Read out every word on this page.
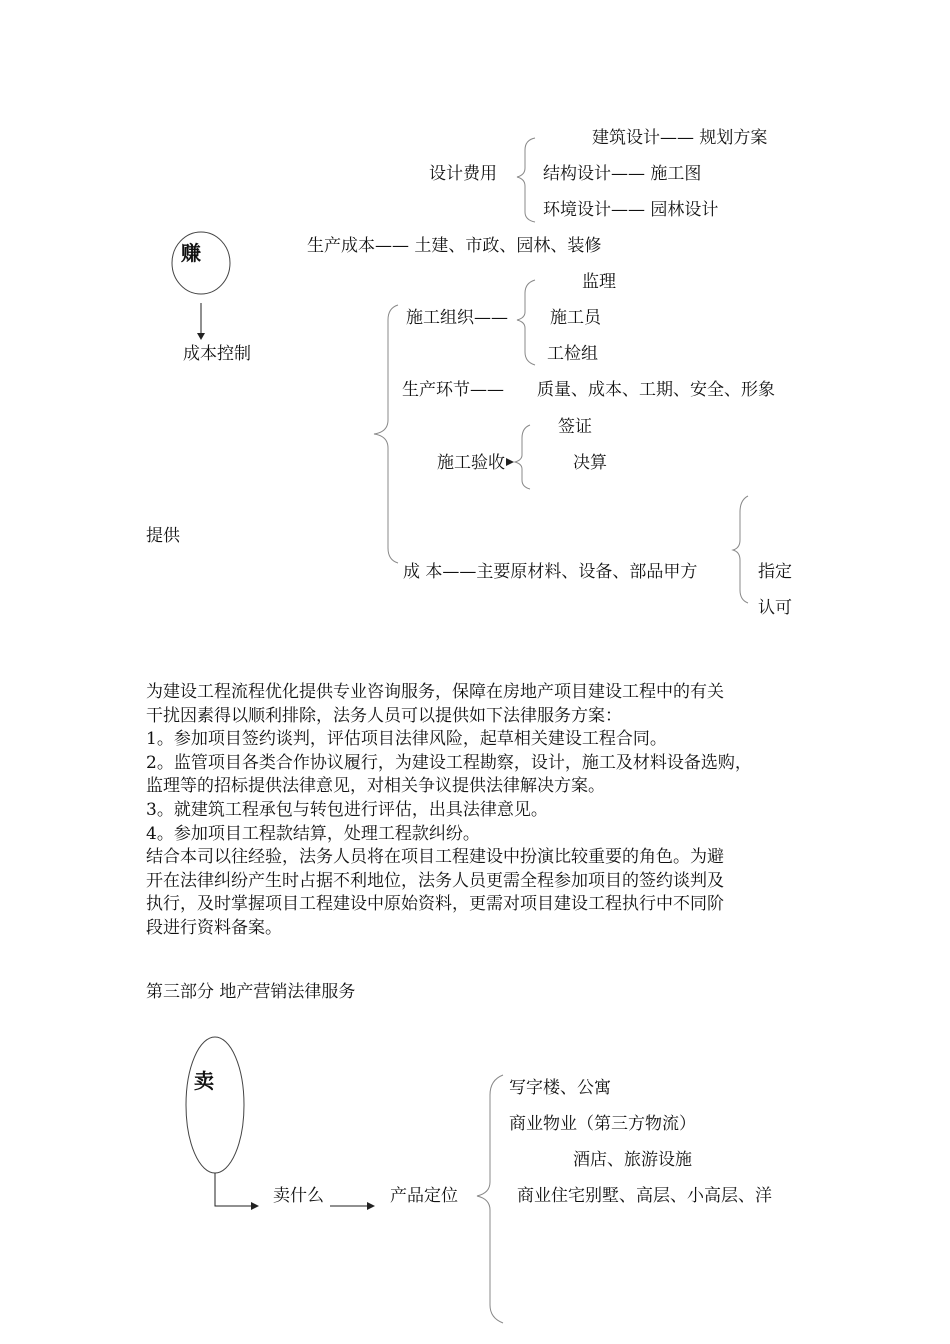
赚
成本控制
提供
设计费用
建筑设计—— 规划方案
结构设计—— 施工图
环境设计—— 园林设计
生产成本—— 土建、市政、园林、装修
施工组织——
监理
施工员
工检组
生产环节—— 质量、成本、工期、安全、形象
签证
施工验收	决算
成 本——主要原材料、设备、部品甲方	指定
认可
为建设工程流程优化提供专业咨询服务，保障在房地产项目建设工程中的有关
干扰因素得以顺利排除，法务人员可以提供如下法律服务方案：
1。参加项目签约谈判，评估项目法律风险，起草相关建设工程合同。
2。监管项目各类合作协议履行，为建设工程勘察，设计，施工及材料设备选购，
监理等的招标提供法律意见，对相关争议提供法律解决方案。
3。就建筑工程承包与转包进行评估，出具法律意见。
4。参加项目工程款结算，处理工程款纠纷。
结合本司以往经验，法务人员将在项目工程建设中扮演比较重要的角色。为避
开在法律纠纷产生时占据不利地位，法务人员更需全程参加项目的签约谈判及
执行，及时掌握项目工程建设中原始资料，更需对项目建设工程执行中不同阶
段进行资料备案。
第三部分 地产营销法律服务
卖
卖什么	产品定位
写字楼、公寓
商业物业（第三方物流）
酒店、旅游设施
商业住宅别墅、高层、小高层、洋
